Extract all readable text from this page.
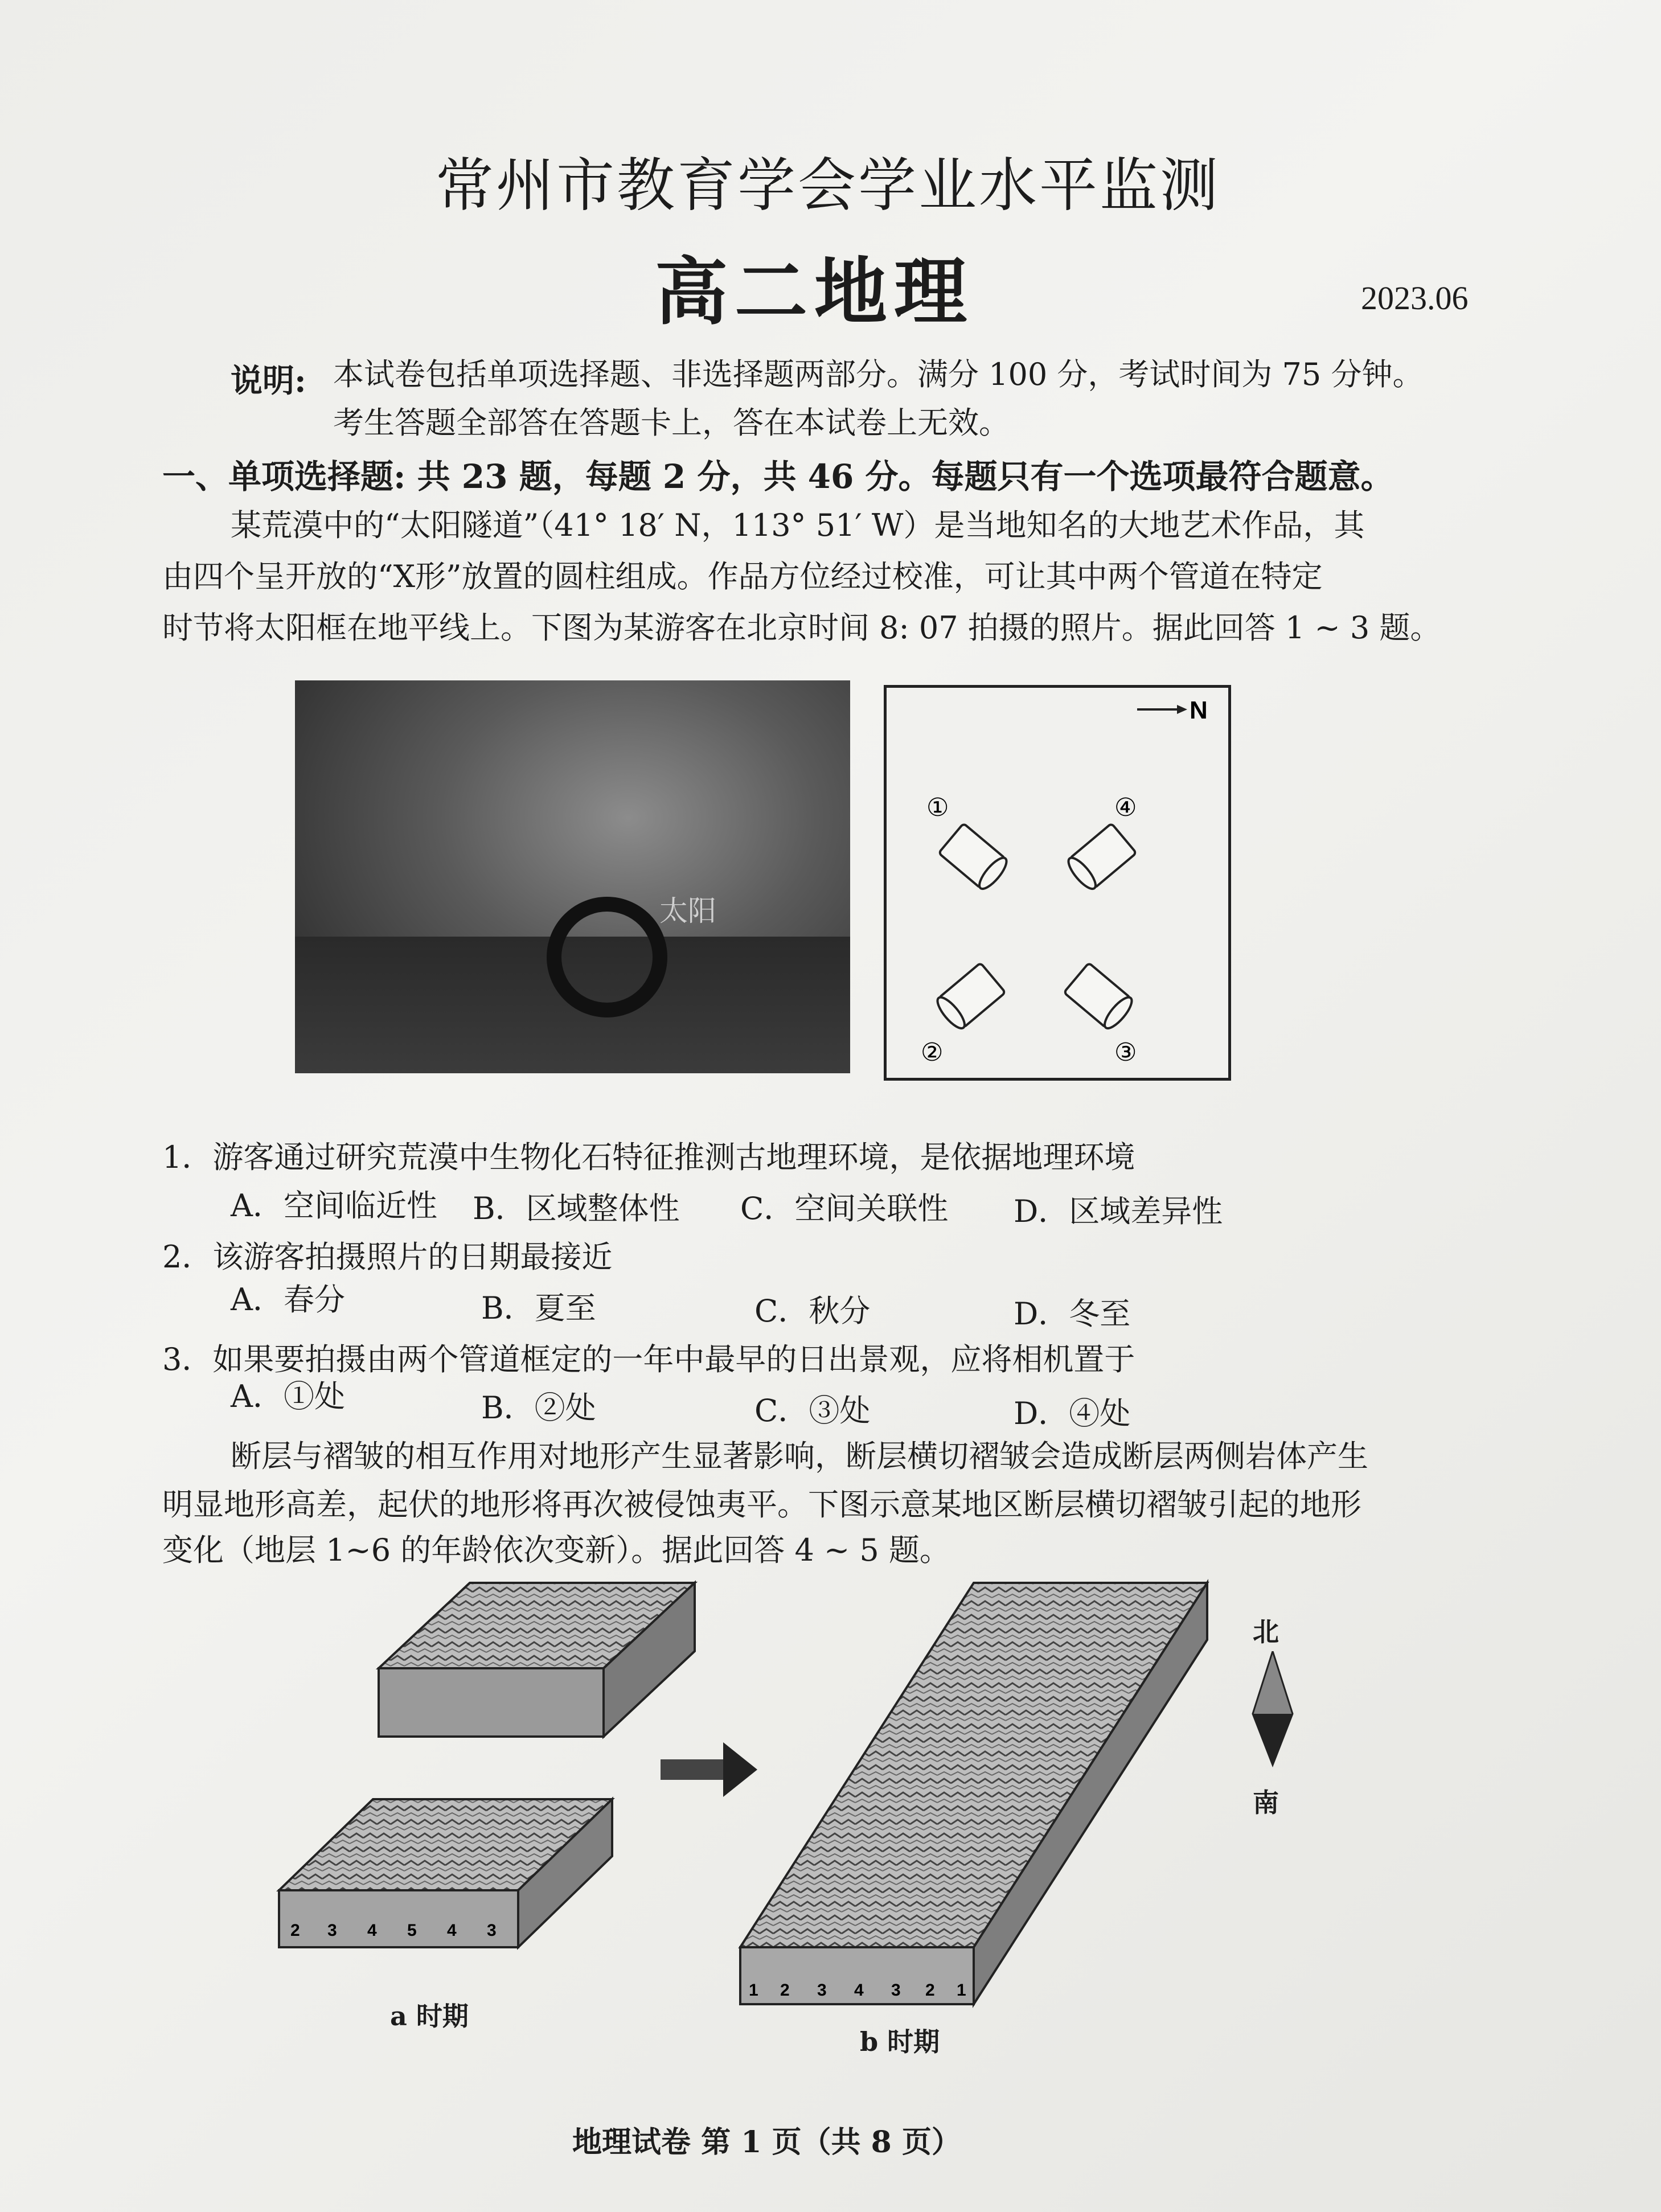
常州市教育学会学业水平监测
高二地理	2023.06
说明: 本试卷包括单项选择题、非选择题两部分。满分 100 分，考试时间为 75 分钟。
考生答题全部答在答题卡上，答在本试卷上无效。
一、单项选择题: 共 23 题，每题 2 分，共 46 分。每题只有一个选项最符合题意。
某荒漠中的“太阳隧道”（41° 18′ N，113° 51′ W）是当地知名的大地艺术作品，其
由四个呈开放的“X形”放置的圆柱组成。作品方位经过校准，可让其中两个管道在特定
时节将太阳框在地平线上。下图为某游客在北京时间 8: 07 拍摄的照片。据此回答 1 ~ 3 题。
太阳
N
①
②	③
④
1．游客通过研究荒漠中生物化石特征推测古地理环境，是依据地理环境
A．空间临近性 B．区域整体性 C．空间关联性 D．区域差异性
2．该游客拍摄照片的日期最接近
A．春分	B．夏至	C．秋分	D．冬至
3．如果要拍摄由两个管道框定的一年中最早的日出景观，应将相机置于
A．①处	B．②处	C．③处	D．④处
断层与褶皱的相互作用对地形产生显著影响，断层横切褶皱会造成断层两侧岩体产生
明显地形高差，起伏的地形将再次被侵蚀夷平。下图示意某地区断层横切褶皱引起的地形
变化（地层 1~6 的年龄依次变新）。据此回答 4 ~ 5 题。
2 3 4 5 4 3
1 2 3 4 3 2 1
北
南
a 时期
b 时期
地理试卷 第 1 页（共 8 页）
